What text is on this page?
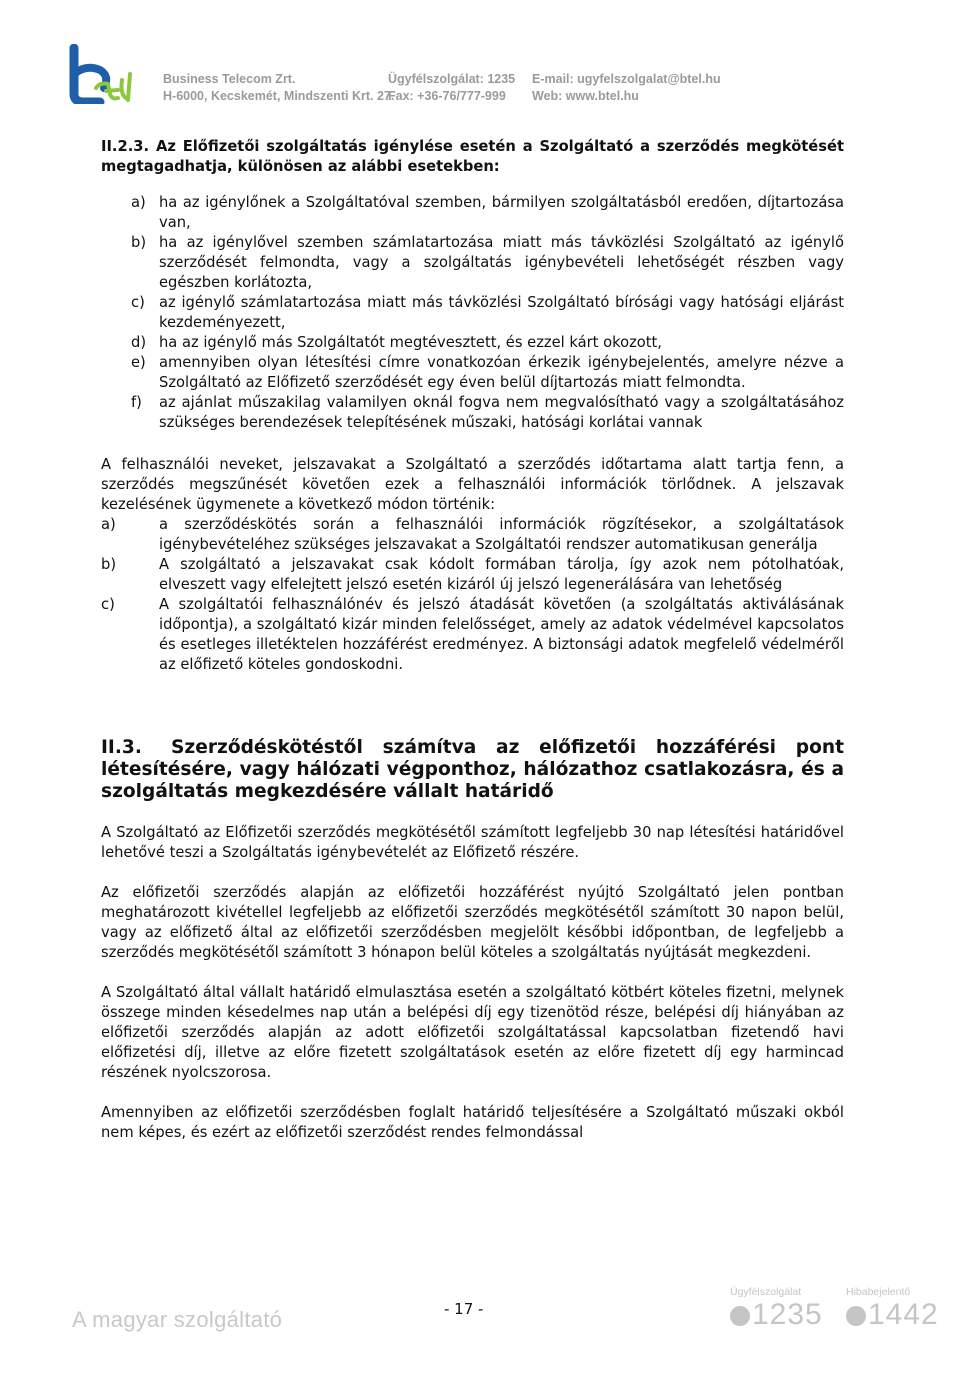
Business Telecom Zrt.
H-6000, Kecskemét, Mindszenti Krt. 27.
Ügyfélszolgálat: 1235
Fax: +36-76/777-999
E-mail: ugyfelszolgalat@btel.hu
Web: www.btel.hu

II.2.3. Az Előfizetői szolgáltatás igénylése esetén a Szolgáltató a szerződés megkötését megtagadhatja, különösen az alábbi esetekben:

a) ha az igénylőnek a Szolgáltatóval szemben, bármilyen szolgáltatásból eredően, díjtartozása van,
b) ha az igénylővel szemben számlatartozása miatt más távközlési Szolgáltató az igénylő szerződését felmondta, vagy a szolgáltatás igénybevételi lehetőségét részben vagy egészben korlátozta,
c) az igénylő számlatartozása miatt más távközlési Szolgáltató bírósági vagy hatósági eljárást kezdeményezett,
d) ha az igénylő más Szolgáltatót megtévesztett, és ezzel kárt okozott,
e) amennyiben olyan létesítési címre vonatkozóan érkezik igénybejelentés, amelyre nézve a Szolgáltató az Előfizető szerződését egy éven belül díjtartozás miatt felmondta.
f) az ajánlat műszakilag valamilyen oknál fogva nem megvalósítható vagy a szolgáltatásához szükséges berendezések telepítésének műszaki, hatósági korlátai vannak

A felhasználói neveket, jelszavakat a Szolgáltató a szerződés időtartama alatt tartja fenn, a szerződés megszűnését követően ezek a felhasználói információk törlődnek. A jelszavak kezelésének ügymenete a következő módon történik:

a)	a szerződéskötés során a felhasználói információk rögzítésekor, a szolgáltatások igénybevételéhez szükséges jelszavakat a Szolgáltatói rendszer automatikusan generálja
b)	A szolgáltató a jelszavakat csak kódolt formában tárolja, így azok nem pótolhatóak, elveszett vagy elfelejtett jelszó esetén kizáról új jelszó legenerálására van lehetőség
c)	A szolgáltatói felhasználónév és jelszó átadását követően (a szolgáltatás aktiválásának időpontja), a szolgáltató kizár minden felelősséget, amely az adatok védelmével kapcsolatos és esetleges illetéktelen hozzáférést eredményez. A biztonsági adatok megfelelő védelméről az előfizető köteles gondoskodni.
II.3. Szerződéskötéstől számítva az előfizetői hozzáférési pont létesítésére, vagy hálózati végponthoz, hálózathoz csatlakozásra, és a szolgáltatás megkezdésére vállalt határidő

A Szolgáltató az Előfizetői szerződés megkötésétől számított legfeljebb 30 nap létesítési határidővel lehetővé teszi a Szolgáltatás igénybevételét az Előfizető részére.

Az előfizetői szerződés alapján az előfizetői hozzáférést nyújtó Szolgáltató jelen pontban meghatározott kivétellel legfeljebb az előfizetői szerződés megkötésétől számított 30 napon belül, vagy az előfizető által az előfizetői szerződésben megjelölt későbbi időpontban, de legfeljebb a szerződés megkötésétől számított 3 hónapon belül köteles a szolgáltatás nyújtását megkezdeni.

A Szolgáltató által vállalt határidő elmulasztása esetén a szolgáltató kötbért köteles fizetni, melynek összege minden késedelmes nap után a belépési díj egy tizenötöd része, belépési díj hiányában az előfizetői szerződés alapján az adott előfizetői szolgáltatással kapcsolatban fizetendő havi előfizetési díj, illetve az előre fizetett szolgáltatások esetén az előre fizetett díj egy harmincad részének nyolcszorosa.

Amennyiben az előfizetői szerződésben foglalt határidő teljesítésére a Szolgáltató műszaki okból nem képes, és ezért az előfizetői szerződést rendes felmondással

A magyar szolgáltató	- 17 -
Ügyfélszolgálat
1235
Hibabejelentő
1442
